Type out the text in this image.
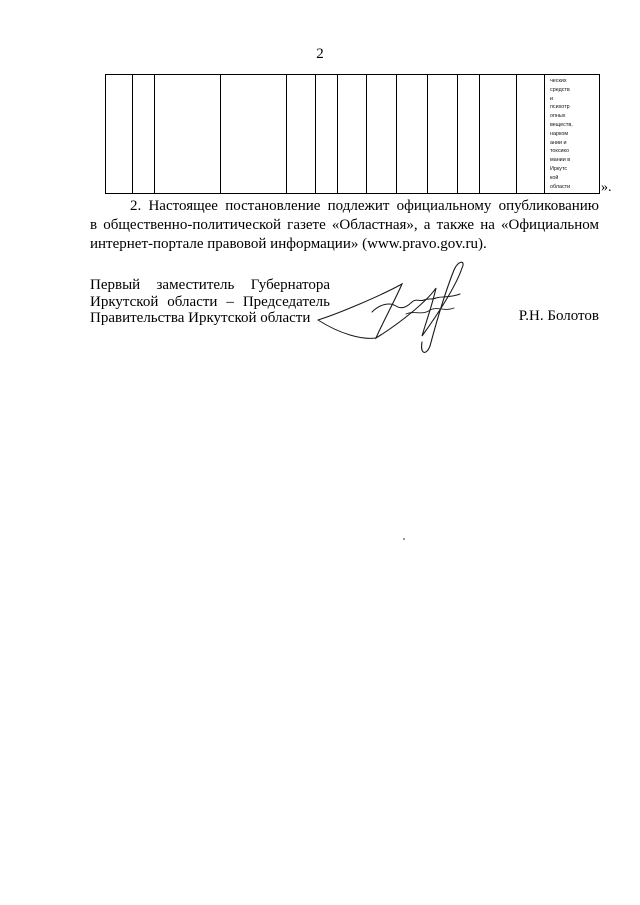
2

ческих
средств
и
психотр
опных
веществ,
нарком
ании и
токсико
мании в
Иркутс
кой
области	».
2. Настоящее постановление подлежит официальному опубликованию
в общественно-политической газете «Областная», а также на «Официальном
интернет-портале правовой информации» (www.pravo.gov.ru).
Первый заместитель Губернатора
Иркутской области – Председатель
Правительства Иркутской области	Р.Н. Болотов
